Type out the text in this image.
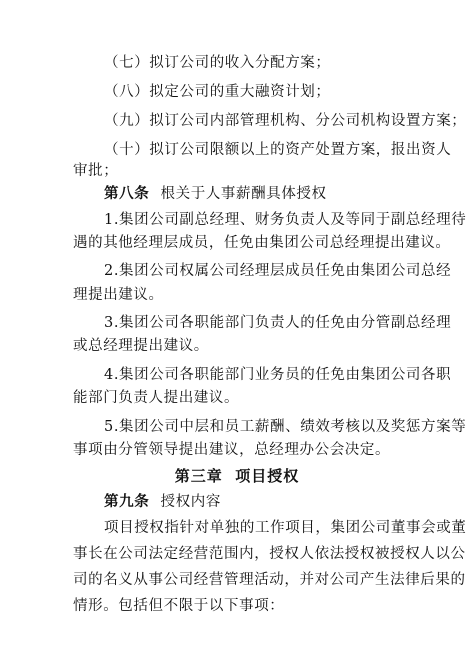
（七）拟订公司的收入分配方案；
（八）拟定公司的重大融资计划；
（九）拟订公司内部管理机构、分公司机构设置方案；
（十）拟订公司限额以上的资产处置方案，报出资人
审批；
第八条 根关于人事薪酬具体授权
1.集团公司副总经理、财务负责人及等同于副总经理待
遇的其他经理层成员，任免由集团公司总经理提出建议。
2.集团公司权属公司经理层成员任免由集团公司总经
理提出建议。
3.集团公司各职能部门负责人的任免由分管副总经理
或总经理提出建议。
4.集团公司各职能部门业务员的任免由集团公司各职
能部门负责人提出建议。
5.集团公司中层和员工薪酬、绩效考核以及奖惩方案等
事项由分管领导提出建议，总经理办公会决定。
第三章  项目授权
第九条 授权内容
项目授权指针对单独的工作项目，集团公司董事会或董
事长在公司法定经营范围内，授权人依法授权被授权人以公
司的名义从事公司经营管理活动，并对公司产生法律后果的
情形。包括但不限于以下事项：
